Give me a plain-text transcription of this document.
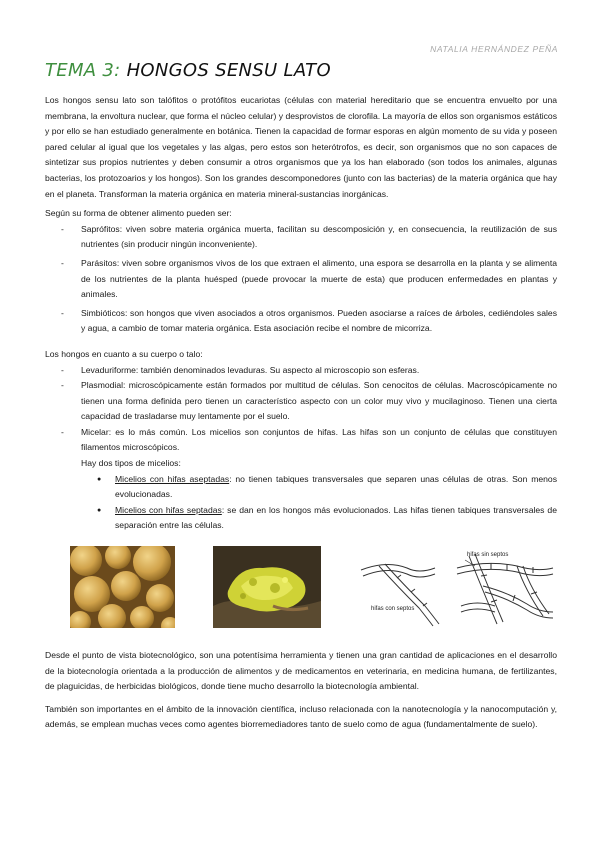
NATALIA HERNÁNDEZ PEÑA
TEMA 3: HONGOS SENSU LATO

Los hongos sensu lato son talófitos o protófitos eucariotas (células con material hereditario que se encuentra envuelto por una membrana, la envoltura nuclear, que forma el núcleo celular) y desprovistos de clorofila. La mayoría de ellos son organismos estáticos y por ello se han estudiado generalmente en botánica. Tienen la capacidad de formar esporas en algún momento de su vida y poseen pared celular al igual que los vegetales y las algas, pero estos son heterótrofos, es decir, son organismos que no son capaces de sintetizar sus propios nutrientes y deben consumir a otros organismos que ya los han elaborado (son todos los animales, algunas bacterias, los protozoarios y los hongos). Son los grandes descomponedores (junto con las bacterias) de la materia orgánica que hay en el planeta. Transforman la materia orgánica en materia mineral-sustancias inorgánicas.

Según su forma de obtener alimento pueden ser:

- Saprófitos: viven sobre materia orgánica muerta, facilitan su descomposición y, en consecuencia, la reutilización de sus nutrientes (sin producir ningún inconveniente).
- Parásitos: viven sobre organismos vivos de los que extraen el alimento, una espora se desarrolla en la planta y se alimenta de los nutrientes de la planta huésped (puede provocar la muerte de esta) que producen enfermedades en plantas y animales.
- Simbióticos: son hongos que viven asociados a otros organismos. Pueden asociarse a raíces de árboles, cediéndoles sales y agua, a cambio de tomar materia orgánica. Esta asociación recibe el nombre de micorriza.

Los hongos en cuanto a su cuerpo o talo:

- Levaduriforme: también denominados levaduras. Su aspecto al microscopio son esferas.
- Plasmodial: microscópicamente están formados por multitud de células. Son cenocitos de células. Macroscópicamente no tienen una forma definida pero tienen un característico aspecto con un color muy vivo y mucilaginoso. Tienen una cierta capacidad de trasladarse muy lentamente por el suelo.
- Micelar: es lo más común. Los micelios son conjuntos de hifas. Las hifas son un conjunto de células que constituyen filamentos microscópicos.
Hay dos tipos de micelios:
● Micelios con hifas aseptadas: no tienen tabiques transversales que separen unas células de otras. Son menos evolucionadas.
● Micelios con hifas septadas: se dan en los hongos más evolucionados. Las hifas tienen tabiques transversales de separación entre las células.
hifas sin septos
hifas con septos

Desde el punto de vista biotecnológico, son una potentísima herramienta y tienen una gran cantidad de aplicaciones en el desarrollo de la biotecnología orientada a la producción de alimentos y de medicamentos en veterinaria, en medicina humana, de fertilizantes, de plaguicidas, de herbicidas biológicos, donde tiene mucho desarrollo la biotecnología ambiental.

También son importantes en el ámbito de la innovación científica, incluso relacionada con la nanotecnología y la nanocomputación y, además, se emplean muchas veces como agentes biorremediadores tanto de suelo como de agua (fundamentalmente de suelo).
